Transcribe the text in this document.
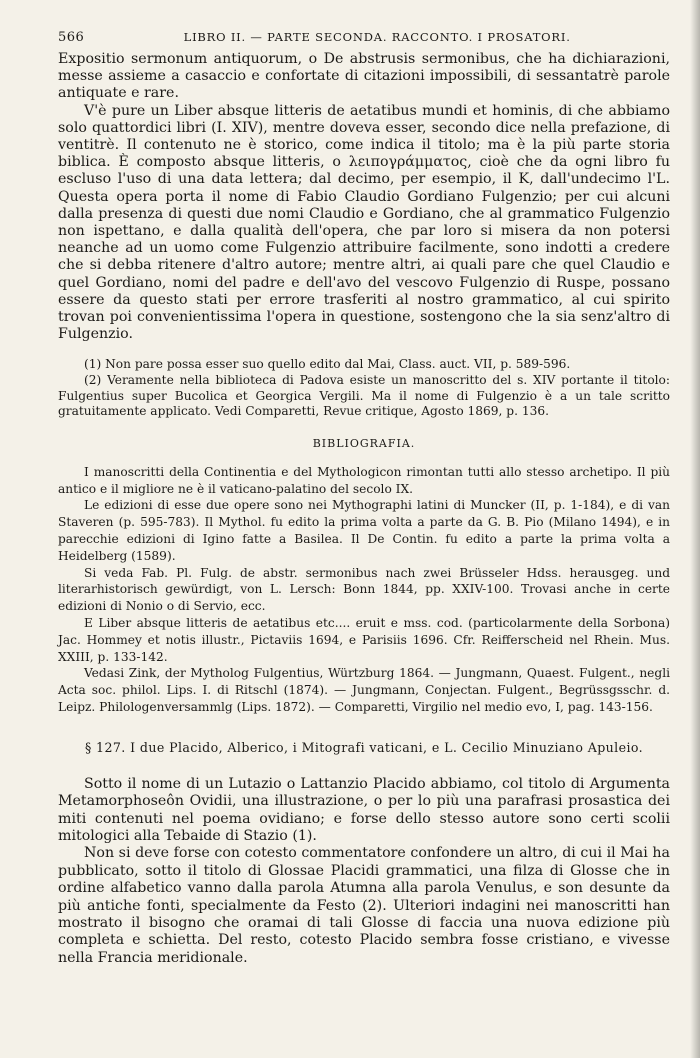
566	LIBRO II. — PARTE SECONDA. RACCONTO. I PROSATORI.

Expositio sermonum antiquorum, o De abstrusis sermonibus, che ha dichiarazioni, messe assieme a casaccio e confortate di citazioni impossibili, di sessantatrè parole antiquate e rare.

V'è pure un Liber absque litteris de aetatibus mundi et hominis, di che abbiamo solo quattordici libri (I. XIV), mentre doveva esser, secondo dice nella prefazione, di ventitrè. Il contenuto ne è storico, come indica il titolo; ma è la più parte storia biblica. È composto absque litteris, o λειπογράμματος, cioè che da ogni libro fu escluso l'uso di una data lettera; dal decimo, per esempio, il K, dall'undecimo l'L. Questa opera porta il nome di Fabio Claudio Gordiano Fulgenzio; per cui alcuni dalla presenza di questi due nomi Claudio e Gordiano, che al grammatico Fulgenzio non ispettano, e dalla qualità dell'opera, che par loro si misera da non potersi neanche ad un uomo come Fulgenzio attribuire facilmente, sono indotti a credere che si debba ritenere d'altro autore; mentre altri, ai quali pare che quel Claudio e quel Gordiano, nomi del padre e dell'avo del vescovo Fulgenzio di Ruspe, possano essere da questo stati per errore trasferiti al nostro grammatico, al cui spirito trovan poi convenientissima l'opera in questione, sostengono che la sia senz'altro di Fulgenzio.

(1) Non pare possa esser suo quello edito dal Mai, Class. auct. VII, p. 589-596.

(2) Veramente nella biblioteca di Padova esiste un manoscritto del s. XIV portante il titolo: Fulgentius super Bucolica et Georgica Vergili. Ma il nome di Fulgenzio è a un tale scritto gratuitamente applicato. Vedi Comparetti, Revue critique, Agosto 1869, p. 136.

BIBLIOGRAFIA.

I manoscritti della Continentia e del Mythologicon rimontan tutti allo stesso archetipo. Il più antico e il migliore ne è il vaticano-palatino del secolo IX.

Le edizioni di esse due opere sono nei Mythographi latini di Muncker (II, p. 1-184), e di van Staveren (p. 595-783). Il Mythol. fu edito la prima volta a parte da G. B. Pio (Milano 1494), e in parecchie edizioni di Igino fatte a Basilea. Il De Contin. fu edito a parte la prima volta a Heidelberg (1589).

Si veda Fab. Pl. Fulg. de abstr. sermonibus nach zwei Brüsseler Hdss. herausgeg. und literarhistorisch gewürdigt, von L. Lersch: Bonn 1844, pp. XXIV-100. Trovasi anche in certe edizioni di Nonio o di Servio, ecc.

E Liber absque litteris de aetatibus etc.... eruit e mss. cod. (particolarmente della Sorbona) Jac. Hommey et notis illustr., Pictaviis 1694, e Parisiis 1696. Cfr. Reifferscheid nel Rhein. Mus. XXIII, p. 133-142.

Vedasi Zink, der Mytholog Fulgentius, Würtzburg 1864. — Jungmann, Quaest. Fulgent., negli Acta soc. philol. Lips. I. di Ritschl (1874). — Jungmann, Conjectan. Fulgent., Begrüssgsschr. d. Leipz. Philologenversammlg (Lips. 1872). — Comparetti, Virgilio nel medio evo, I, pag. 143-156.

§ 127. I due Placido, Alberico, i Mitografi vaticani, e L. Cecilio Minuziano Apuleio.

Sotto il nome di un Lutazio o Lattanzio Placido abbiamo, col titolo di Argumenta Metamorphoseôn Ovidii, una illustrazione, o per lo più una parafrasi prosastica dei miti contenuti nel poema ovidiano; e forse dello stesso autore sono certi scolii mitologici alla Tebaide di Stazio (1).

Non si deve forse con cotesto commentatore confondere un altro, di cui il Mai ha pubblicato, sotto il titolo di Glossae Placidi grammatici, una filza di Glosse che in ordine alfabetico vanno dalla parola Atumna alla parola Venulus, e son desunte da più antiche fonti, specialmente da Festo (2). Ulteriori indagini nei manoscritti han mostrato il bisogno che oramai di tali Glosse di faccia una nuova edizione più completa e schietta. Del resto, cotesto Placido sembra fosse cristiano, e vivesse nella Francia meridionale.
